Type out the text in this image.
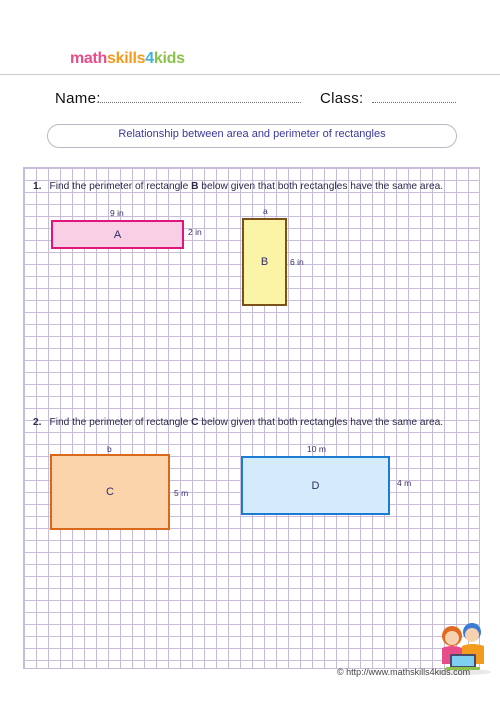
mathskills4kids
Name:	Class:
Relationship between area and perimeter of rectangles
1. Find the perimeter of rectangle B below given that both rectangles have the same area.
9 in
A	2 in
a
B	6 in
2. Find the perimeter of rectangle C below given that both rectangles have the same area.
b
C	5 m
10 m
D	4 m
© http://www.mathskills4kids.com
